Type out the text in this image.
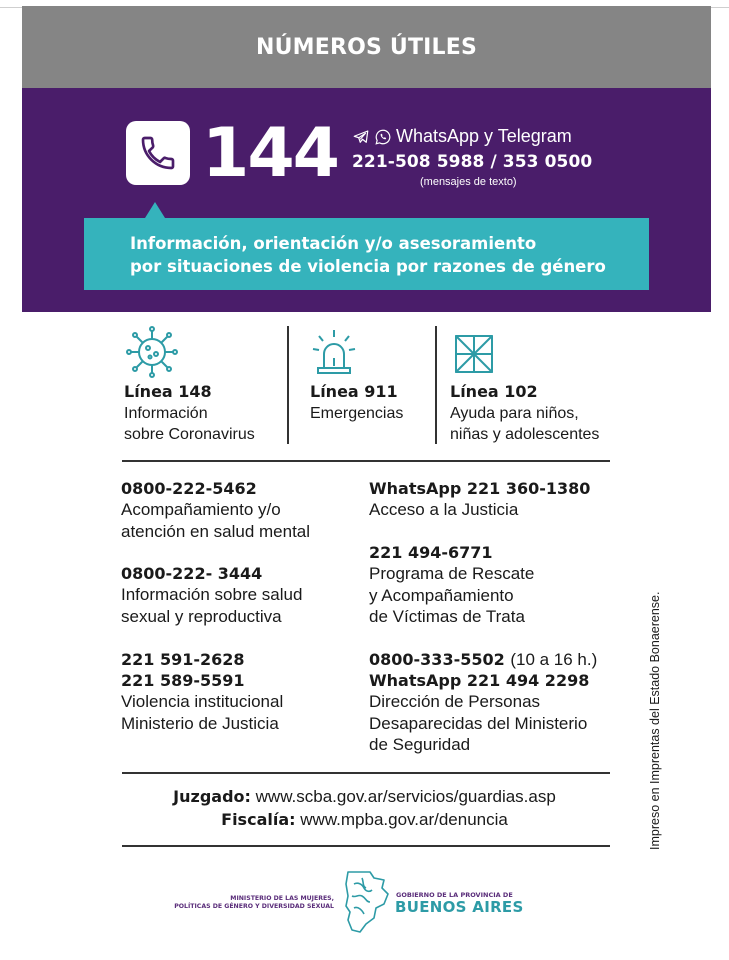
NÚMEROS ÚTILES
144	WhatsApp y Telegram
221-508 5988 / 353 0500
(mensajes de texto)
Información, orientación y/o asesoramiento
por situaciones de violencia por razones de género
Línea 148
Información
sobre Coronavirus
Línea 911
Emergencias
Línea 102
Ayuda para niños,
niñas y adolescentes
0800-222-5462
Acompañamiento y/o
atención en salud mental
0800-222- 3444
Información sobre salud
sexual y reproductiva
221 591-2628
221 589-5591
Violencia institucional
Ministerio de Justicia
WhatsApp 221 360-1380
Acceso a la Justicia
221 494-6771
Programa de Rescate
y Acompañamiento
de Víctimas de Trata
0800-333-5502 (10 a 16 h.)
WhatsApp 221 494 2298
Dirección de Personas
Desaparecidas del Ministerio
de Seguridad
Juzgado: www.scba.gov.ar/servicios/guardias.asp
Fiscalía: www.mpba.gov.ar/denuncia	Impreso en Imprentas del Estado Bonaerense.
MINISTERIO DE LAS MUJERES,
POLÍTICAS DE GÉNERO Y DIVERSIDAD SEXUAL
GOBIERNO DE LA PROVINCIA DE
BUENOS AIRES
